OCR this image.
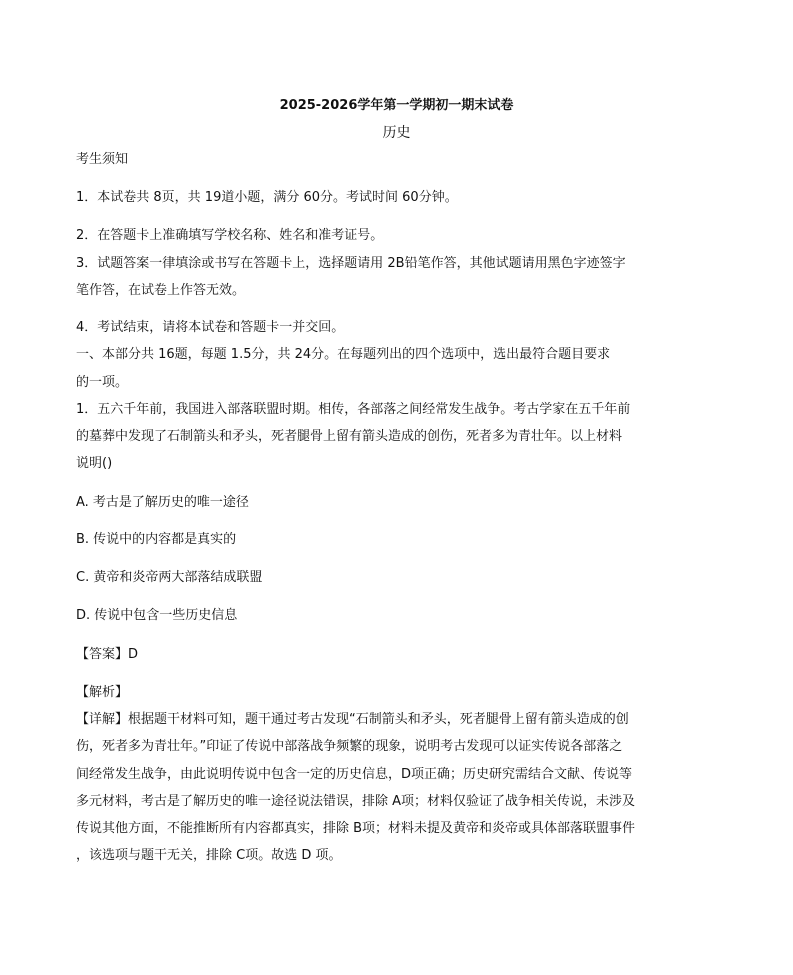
2025-2026学年第一学期初一期末试卷
历史
考生须知
1．本试卷共 8页，共 19道小题，满分 60分。考试时间 60分钟。
2．在答题卡上准确填写学校名称、姓名和准考证号。
3．试题答案一律填涂或书写在答题卡上，选择题请用 2B铅笔作答，其他试题请用黑色字迹签字
笔作答，在试卷上作答无效。
4．考试结束，请将本试卷和答题卡一并交回。
一、本部分共 16题，每题 1.5分，共 24分。在每题列出的四个选项中，选出最符合题目要求
的一项。
1．五六千年前，我国进入部落联盟时期。相传，各部落之间经常发生战争。考古学家在五千年前
的墓葬中发现了石制箭头和矛头，死者腿骨上留有箭头造成的创伤，死者多为青壮年。以上材料
说明()
A. 考古是了解历史的唯一途径
B. 传说中的内容都是真实的
C. 黄帝和炎帝两大部落结成联盟
D. 传说中包含一些历史信息
【答案】D
【解析】
【详解】根据题干材料可知，题干通过考古发现“石制箭头和矛头，死者腿骨上留有箭头造成的创
伤，死者多为青壮年。”印证了传说中部落战争频繁的现象，说明考古发现可以证实传说各部落之
间经常发生战争，由此说明传说中包含一定的历史信息，D项正确；历史研究需结合文献、传说等
多元材料，考古是了解历史的唯一途径说法错误，排除 A项；材料仅验证了战争相关传说，未涉及
传说其他方面，不能推断所有内容都真实，排除 B项；材料未提及黄帝和炎帝或具体部落联盟事件
，该选项与题干无关，排除 C项。故选 D 项。
